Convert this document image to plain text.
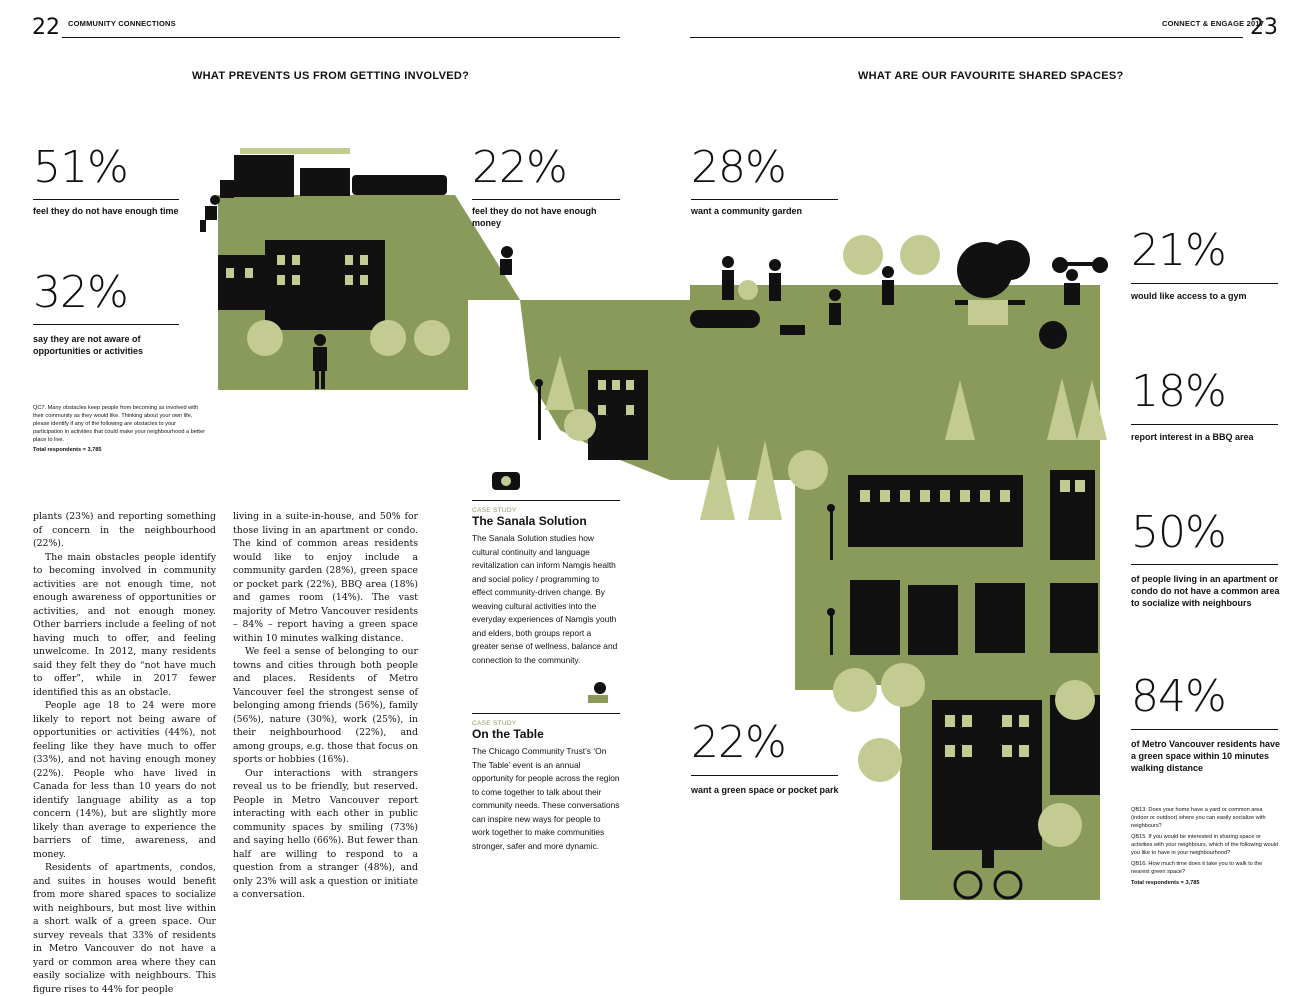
22 COMMUNITY CONNECTIONS
WHAT PREVENTS US FROM GETTING INVOLVED?
51%
feel they do not have enough time
22%
feel they do not have enough money
32%
say they are not aware of opportunities or activities
QC7. Many obstacles keep people from becoming as involved with their community as they would like. Thinking about your own life, please identify if any of the following are obstacles to your participation in activities that could make your neighbourhood a better place to live.
Total respondents = 3,785

plants (23%) and reporting something of concern in the neighbourhood (22%).

The main obstacles people identify to becoming involved in community activities are not enough time, not enough awareness of opportunities or activities, and not enough money. Other barriers include a feeling of not having much to offer, and feeling unwelcome. In 2012, many residents said they felt they do “not have much to offer”, while in 2017 fewer identified this as an obstacle.

People age 18 to 24 were more likely to report not being aware of opportunities or activities (44%), not feeling like they have much to offer (33%), and not having enough money (22%). People who have lived in Canada for less than 10 years do not identify language ability as a top concern (14%), but are slightly more likely than average to experience the barriers of time, awareness, and money.

Residents of apartments, condos, and suites in houses would benefit from more shared spaces to socialize with neighbours, but most live within a short walk of a green space. Our survey reveals that 33% of residents in Metro Vancouver do not have a yard or common area where they can easily socialize with neighbours. This figure rises to 44% for people

living in a suite-in-house, and 50% for those living in an apartment or condo. The kind of common areas residents would like to enjoy include a community garden (28%), green space or pocket park (22%), BBQ area (18%) and games room (14%). The vast majority of Metro Vancouver residents – 84% – report having a green space within 10 minutes walking distance.

We feel a sense of belonging to our towns and cities through both people and places. Residents of Metro Vancouver feel the strongest sense of belonging among friends (56%), family (56%), nature (30%), work (25%), in their neighbourhood (22%), and among groups, e.g. those that focus on sports or hobbies (16%).

Our interactions with strangers reveal us to be friendly, but reserved. People in Metro Vancouver report interacting with each other in public community spaces by smiling (73%) and saying hello (66%). But fewer than half are willing to respond to a question from a stranger (48%), and only 23% will ask a question or initiate a conversation.

CASE STUDY
The Sanala Solution
The Sanala Solution studies how cultural continuity and language revitalization can inform Namgis health and social policy / programming to effect community-driven change. By weaving cultural activities into the everyday experiences of Namgis youth and elders, both groups report a greater sense of wellness, balance and connection to the community.
CASE STUDY
On the Table
The Chicago Community Trust’s ‘On The Table’ event is an annual opportunity for people across the region to come together to talk about their community needs. These conversations can inspire new ways for people to work together to make communities stronger, safer and more dynamic.
CONNECT & ENGAGE 2017
23
WHAT ARE OUR FAVOURITE SHARED SPACES?
28%
want a community garden
21%
would like access to a gym
18%
report interest in a BBQ area
50%
of people living in an apartment or condo do not have a common area to socialize with neighbours
84%
of Metro Vancouver residents have a green space within 10 minutes walking distance
22%
want a green space or pocket park
QB13. Does your home have a yard or common area (indoor or outdoor) where you can easily socialize with neighbours?
QB15. If you would be interested in sharing space or activities with your neighbours, which of the following would you like to have in your neighbourhood?
QB16. How much time does it take you to walk to the nearest green space?
Total respondents = 3,785
